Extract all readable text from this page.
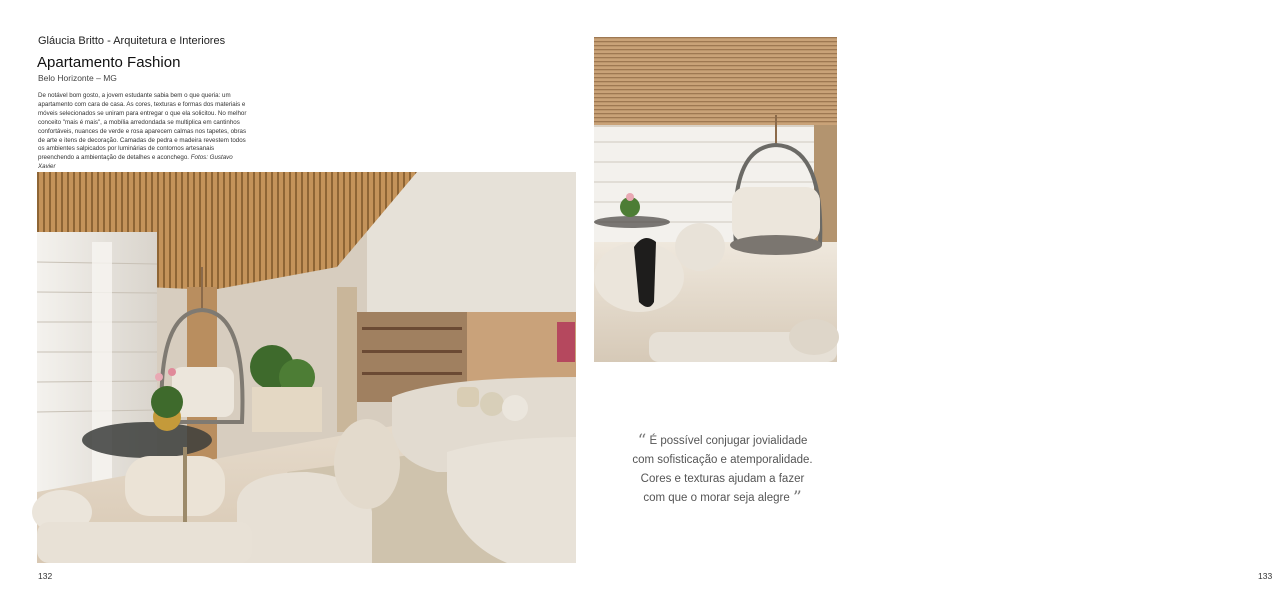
Gláucia Britto - Arquitetura e Interiores
Apartamento Fashion
Belo Horizonte – MG
De notável bom gosto, a jovem estudante sabia bem o que queria: um apartamento com cara de casa. As cores, texturas e formas dos materiais e móveis selecionados se uniram para entregar o que ela solicitou. No melhor conceito "mais é mais", a mobília arredondada se multiplica em cantinhos confortáveis, nuances de verde e rosa aparecem calmas nos tapetes, obras de arte e itens de decoração. Camadas de pedra e madeira revestem todos os ambientes salpicados por luminárias de contornos artesanais preenchendo a ambientação de detalhes e aconchego. Fotos: Gustavo Xavier
132	133
“ É possível conjugar jovialidade
com sofisticação e atemporalidade.
Cores e texturas ajudam a fazer
com que o morar seja alegre ”
